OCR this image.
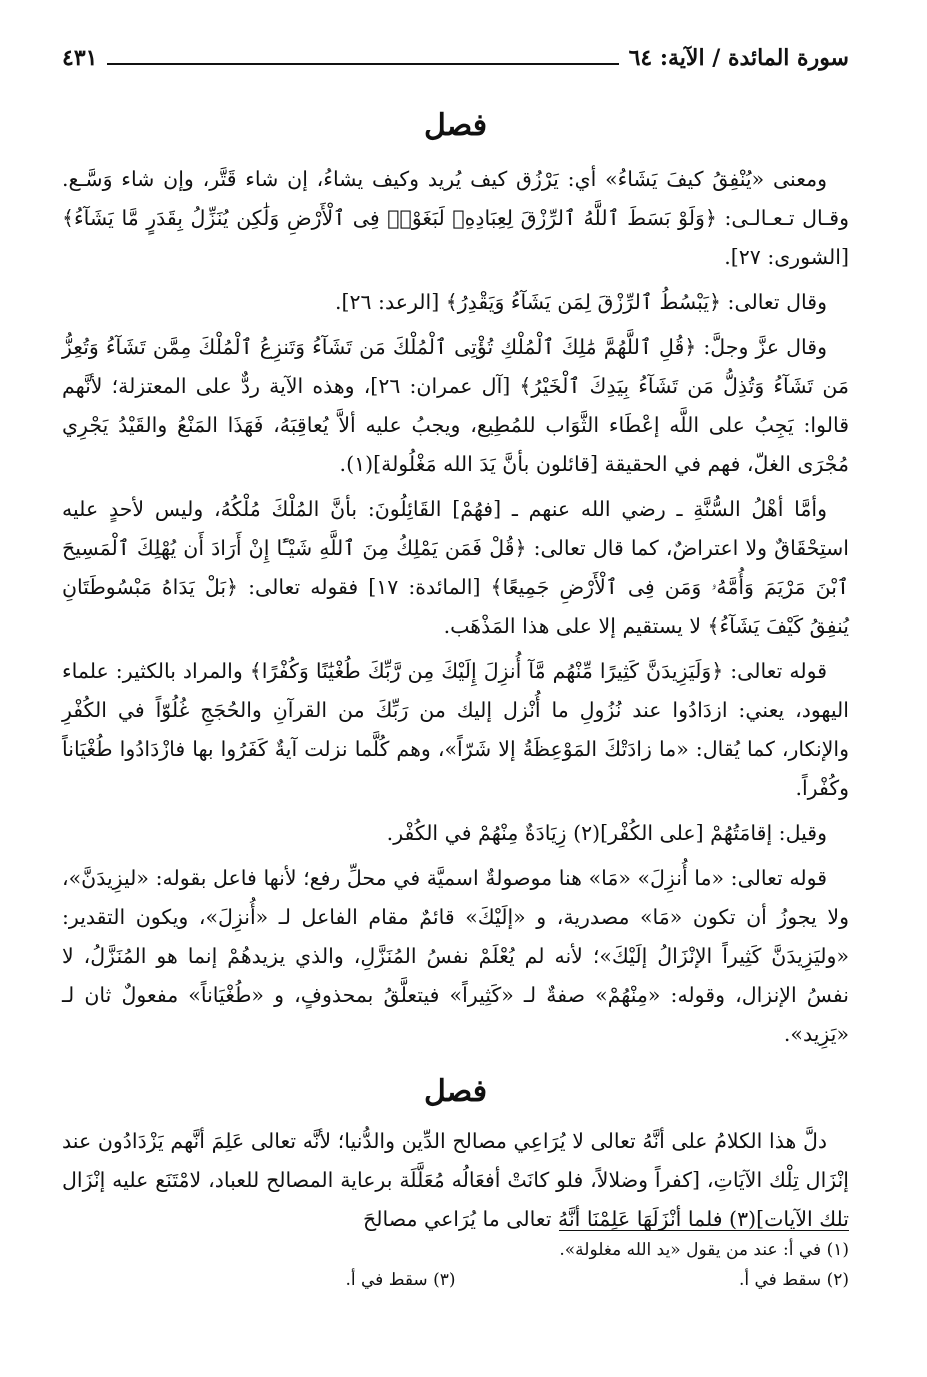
سورة المائدة / الآية: ٦٤
٤٣١
فصل

ومعنى «يُنْفِقُ كيفَ يَشَاءُ» أي: يَرْزُق كيف يُريد وكيف يشاءُ، إن شاء قَتَّر، وإن شاء وَسَّـع. وقـال تـعـالـى: ﴿وَلَوْ بَسَطَ ٱللَّهُ ٱلرِّزْقَ لِعِبَادِهِۦ لَبَغَوْا۟ فِى ٱلْأَرْضِ وَلَٰكِن يُنَزِّلُ بِقَدَرٍ مَّا يَشَآءُ﴾ [الشورى: ٢٧].

وقال تعالى: ﴿يَبْسُطُ ٱلرِّزْقَ لِمَن يَشَآءُ وَيَقْدِرُ﴾ [الرعد: ٢٦].

وقال عزَّ وجلَّ: ﴿قُلِ ٱللَّهُمَّ مَٰلِكَ ٱلْمُلْكِ تُؤْتِى ٱلْمُلْكَ مَن تَشَآءُ وَتَنزِعُ ٱلْمُلْكَ مِمَّن تَشَآءُ وَتُعِزُّ مَن تَشَآءُ وَتُذِلُّ مَن تَشَآءُ بِيَدِكَ ٱلْخَيْرُ﴾ [آل عمران: ٢٦]، وهذه الآية ردٌّ على المعتزلة؛ لأنَّهم قالوا: يَجِبُ على اللَّه إعْطَاء الثَّوَاب للمُطِيع، ويجبُ عليه ألاَّ يُعاقِبَهُ، فَهَذَا المَنْعُ والقَيْدُ يَجْرِي مُجْرَى الغلّ، فهم في الحقيقة [قائلون بأنَّ يَدَ الله مَغْلُولة](١).

وأمَّا أهْلُ السُّنَّةِ ـ رضي الله عنهم ـ [فهُمْ] القَائِلُونَ: بأنَّ المُلْكَ مُلْكُهُ، وليس لأحدٍ عليه استِحْقَاقٌ ولا اعتراضٌ، كما قال تعالى: ﴿قُلْ فَمَن يَمْلِكُ مِنَ ٱللَّهِ شَيْـًٔا إِنْ أَرَادَ أَن يُهْلِكَ ٱلْمَسِيحَ ٱبْنَ مَرْيَمَ وَأُمَّهُۥ وَمَن فِى ٱلْأَرْضِ جَمِيعًا﴾ [المائدة: ١٧] فقوله تعالى: ﴿بَلْ يَدَاهُ مَبْسُوطَتَانِ يُنفِقُ كَيْفَ يَشَآءُ﴾ لا يستقيم إلا على هذا المَذْهَب.

قوله تعالى: ﴿وَلَيَزِيدَنَّ كَثِيرًا مِّنْهُم مَّآ أُنزِلَ إِلَيْكَ مِن رَّبِّكَ طُغْيَٰنًا وَكُفْرًا﴾ والمراد بالكثير: علماء اليهود، يعني: ازدَادُوا عند نُزُولِ ما أُنْزل إليك من رَبِّكَ من القرآنِ والحُجَجِ غُلُوّاً في الكُفْرِ والإنكار، كما يُقال: «ما زادَتْكَ المَوْعِظَةُ إلا شَرّاً»، وهم كُلَّما نزلت آيةٌ كَفَرُوا بها فازْدَادُوا طُغْيَاناً وكُفْراً.

وقيل: إقامَتُهُمْ [على الكُفْر](٢) زِيَادَةٌ مِنْهُمْ في الكُفْر.

قوله تعالى: «ما أُنزِلَ» «مَا» هنا موصولةٌ اسميَّة في محلِّ رفع؛ لأنها فاعل بقوله: «ليزِيدَنَّ»، ولا يجوزُ أن تكون «مَا» مصدرية، و «إلَيْكَ» قائمٌ مقام الفاعل لـ «أُنزِلَ»، ويكون التقدير: «وليَزِيدَنَّ كَثِيراً الإنْزَالُ إلَيْكَ»؛ لأنه لم يُعْلَمْ نفسُ المُنَزَّلِ، والذي يزيدهُمْ إنما هو المُنَزَّلُ، لا نفسُ الإنزال، وقوله: «مِنْهُمْ» صفةٌ لـ «كَثِيراً» فيتعلَّقُ بمحذوفٍ، و «طُغْيَاناً» مفعولٌ ثان لـ «يَزِيد».

فصل

دلَّ هذا الكلامُ على أنَّهُ تعالى لا يُرَاعِي مصالح الدِّين والدُّنيا؛ لأنَّه تعالى عَلِمَ أنَّهم يَزْدَادُون عند إنْزَال تِلْك الآيَاتِ، [كفراً وضلالاً، فلو كانَتْ أفعَالُه مُعَلَّلَة برعاية المصالح للعباد، لامْتَنَع عليه إنْزَال تلك الآيات](٣) فلما أنْزَلَهَا عَلِمْنَا أنَّهُ تعالى ما يُرَاعي مصالحَ

(١) في أ: عند من يقول «يد الله مغلولة».
(٢) سقط في أ.
(٣) سقط في أ.
